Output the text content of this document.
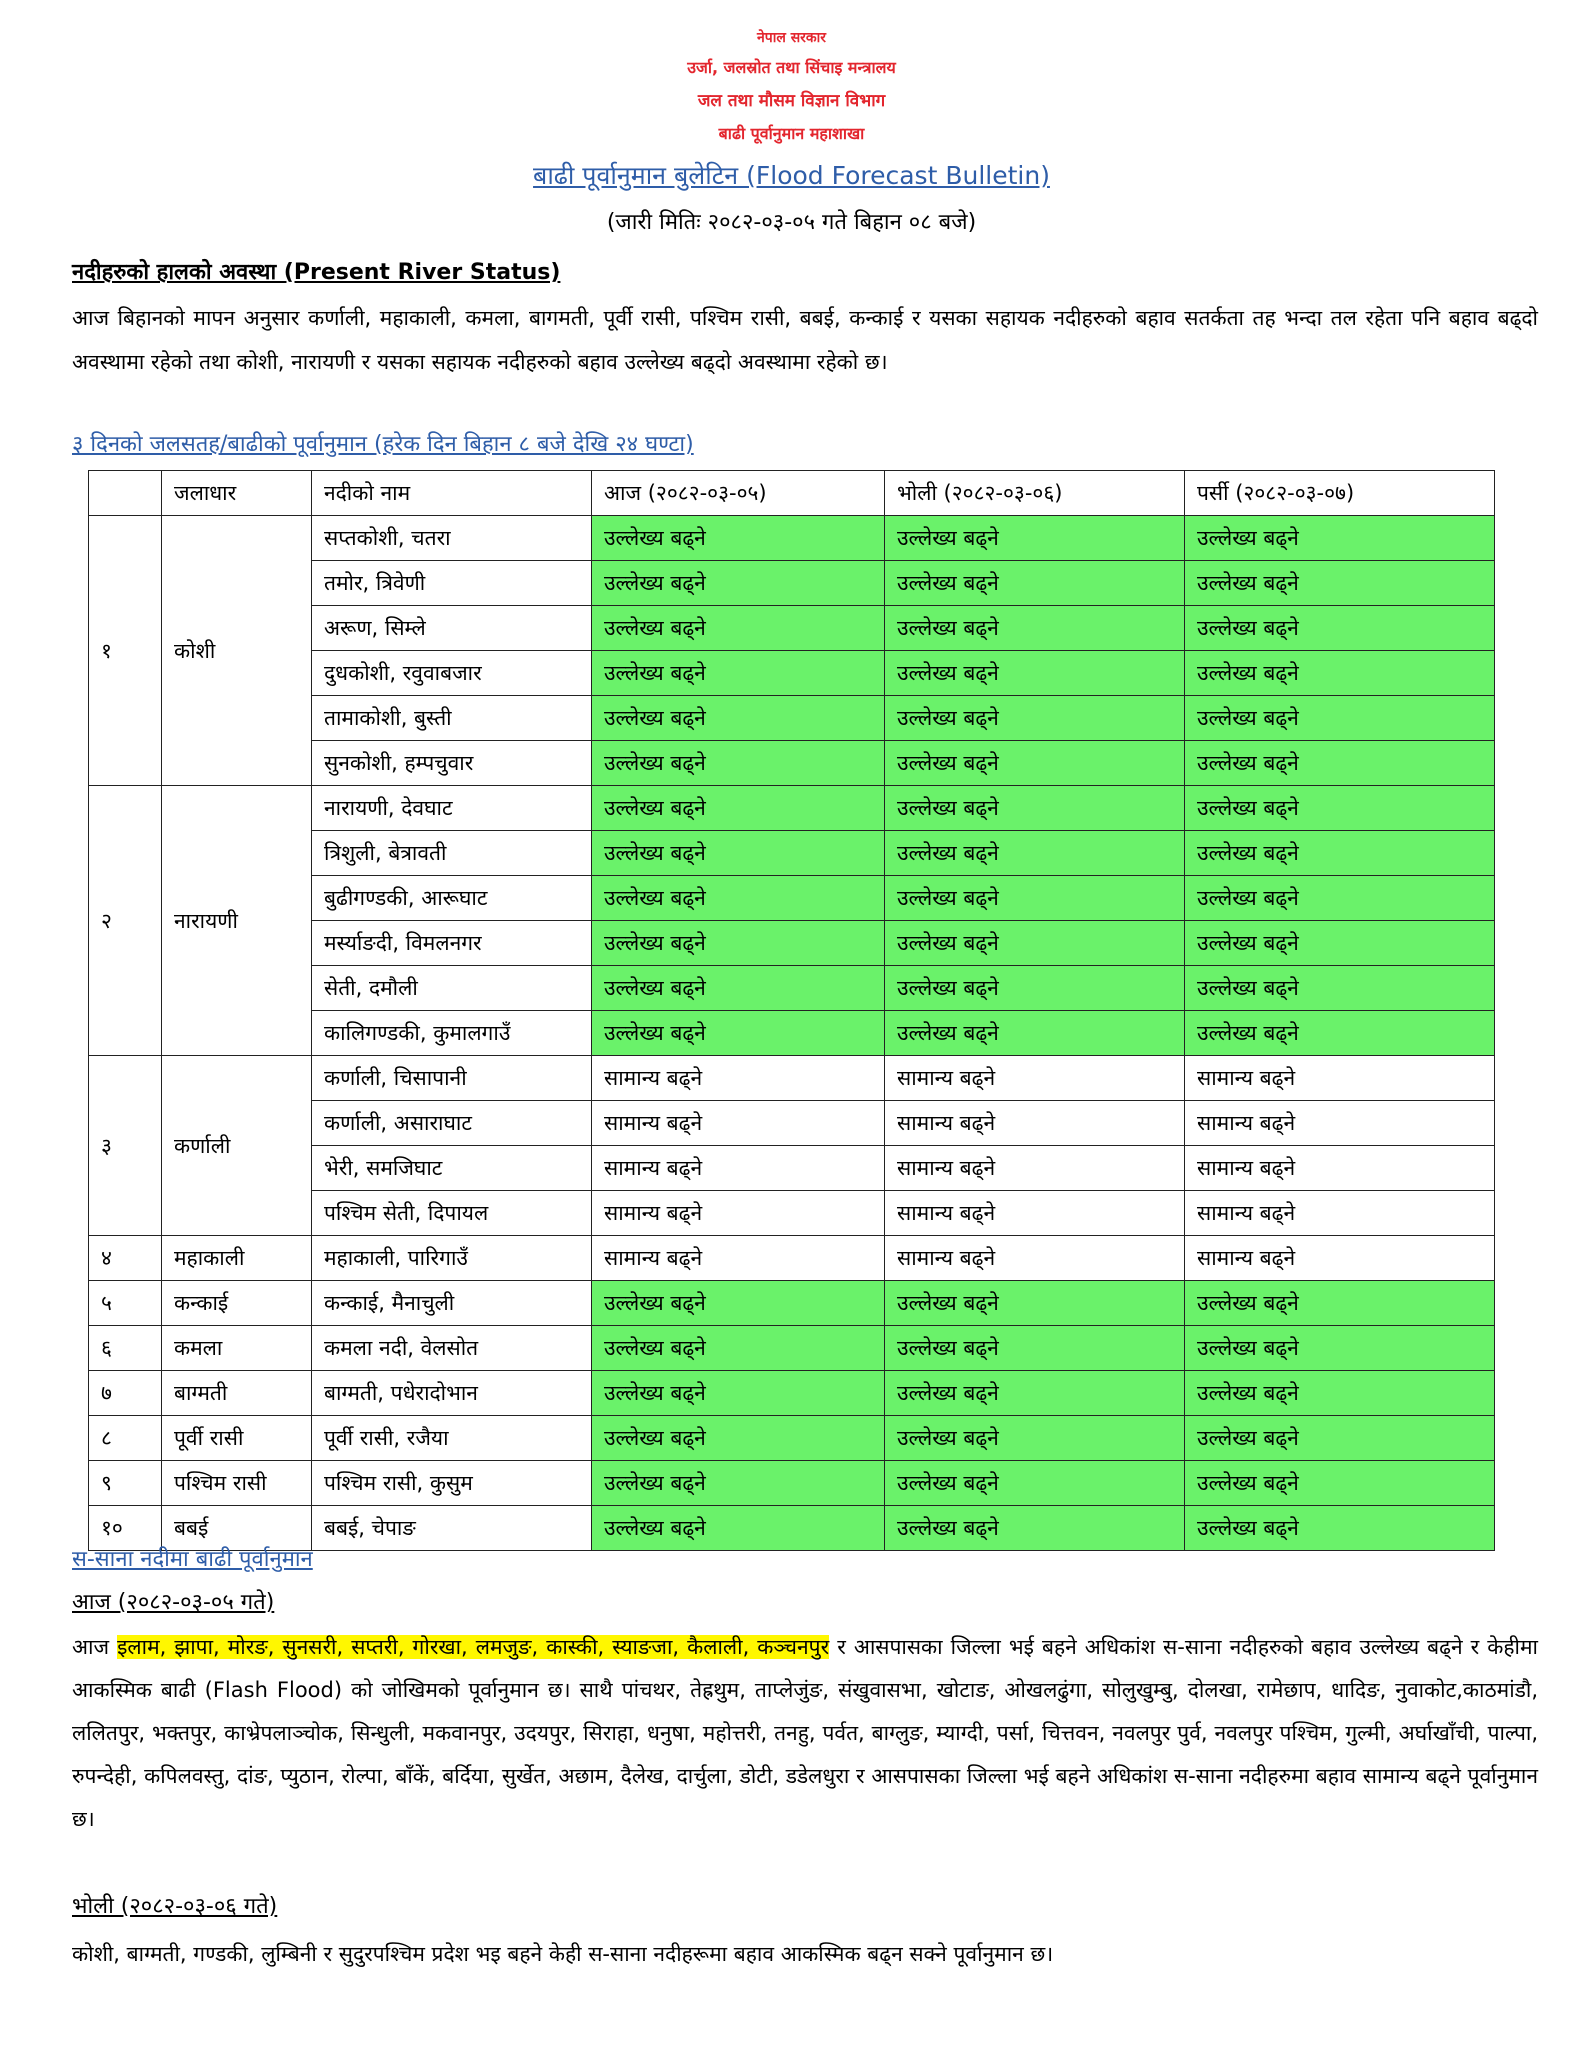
नेपाल सरकार
उर्जा, जलस्रोत तथा सिंचाइ मन्त्रालय
जल तथा मौसम विज्ञान विभाग
बाढी पूर्वानुमान महाशाखा
बाढी पूर्वानुमान बुलेटिन (Flood Forecast Bulletin)
(जारी मितिः २०८२-०३-०५ गते बिहान ०८ बजे)
नदीहरुको हालको अवस्था (Present River Status)
आज बिहानको मापन अनुसार कर्णाली, महाकाली, कमला, बागमती, पूर्वी रासी, पश्चिम रासी, बबई, कन्काई र यसका सहायक नदीहरुको बहाव सतर्कता तह भन्दा तल रहेता पनि बहाव बढ्दो अवस्थामा रहेको तथा कोशी, नारायणी र यसका सहायक नदीहरुको बहाव उल्लेख्य बढ्दो अवस्थामा रहेको छ।
३ दिनको जलसतह/बाढीको पूर्वानुमान (हरेक दिन बिहान ८ बजे देखि २४ घण्टा)
	जलाधार	नदीको नाम	आज (२०८२-०३-०५)	भोली (२०८२-०३-०६)	पर्सी (२०८२-०३-०७)
१	कोशी	सप्तकोशी, चतरा	उल्लेख्य बढ्ने	उल्लेख्य बढ्ने	उल्लेख्य बढ्ने
		तमोर, त्रिवेणी	उल्लेख्य बढ्ने	उल्लेख्य बढ्ने	उल्लेख्य बढ्ने
		अरूण, सिम्ले	उल्लेख्य बढ्ने	उल्लेख्य बढ्ने	उल्लेख्य बढ्ने
		दुधकोशी, रवुवाबजार	उल्लेख्य बढ्ने	उल्लेख्य बढ्ने	उल्लेख्य बढ्ने
		तामाकोशी, बुस्ती	उल्लेख्य बढ्ने	उल्लेख्य बढ्ने	उल्लेख्य बढ्ने
		सुनकोशी, हम्पचुवार	उल्लेख्य बढ्ने	उल्लेख्य बढ्ने	उल्लेख्य बढ्ने
२	नारायणी	नारायणी, देवघाट	उल्लेख्य बढ्ने	उल्लेख्य बढ्ने	उल्लेख्य बढ्ने
		त्रिशुली, बेत्रावती	उल्लेख्य बढ्ने	उल्लेख्य बढ्ने	उल्लेख्य बढ्ने
		बुढीगण्डकी, आरूघाट	उल्लेख्य बढ्ने	उल्लेख्य बढ्ने	उल्लेख्य बढ्ने
		मर्स्याङदी, विमलनगर	उल्लेख्य बढ्ने	उल्लेख्य बढ्ने	उल्लेख्य बढ्ने
		सेती, दमौली	उल्लेख्य बढ्ने	उल्लेख्य बढ्ने	उल्लेख्य बढ्ने
		कालिगण्डकी, कुमालगाउँ	उल्लेख्य बढ्ने	उल्लेख्य बढ्ने	उल्लेख्य बढ्ने
३	कर्णाली	कर्णाली, चिसापानी	सामान्य बढ्ने	सामान्य बढ्ने	सामान्य बढ्ने
		कर्णाली, असाराघाट	सामान्य बढ्ने	सामान्य बढ्ने	सामान्य बढ्ने
		भेरी, समजिघाट	सामान्य बढ्ने	सामान्य बढ्ने	सामान्य बढ्ने
		पश्चिम सेती, दिपायल	सामान्य बढ्ने	सामान्य बढ्ने	सामान्य बढ्ने
४	महाकाली	महाकाली, पारिगाउँ	सामान्य बढ्ने	सामान्य बढ्ने	सामान्य बढ्ने
५	कन्काई	कन्काई, मैनाचुली	उल्लेख्य बढ्ने	उल्लेख्य बढ्ने	उल्लेख्य बढ्ने
६	कमला	कमला नदी, वेलसोत	उल्लेख्य बढ्ने	उल्लेख्य बढ्ने	उल्लेख्य बढ्ने
७	बाग्मती	बाग्मती, पधेरादोभान	उल्लेख्य बढ्ने	उल्लेख्य बढ्ने	उल्लेख्य बढ्ने
८	पूर्वी रासी	पूर्वी रासी, रजैया	उल्लेख्य बढ्ने	उल्लेख्य बढ्ने	उल्लेख्य बढ्ने
९	पश्चिम रासी	पश्चिम रासी, कुसुम	उल्लेख्य बढ्ने	उल्लेख्य बढ्ने	उल्लेख्य बढ्ने
१०	बबई	बबई, चेपाङ	उल्लेख्य बढ्ने	उल्लेख्य बढ्ने	उल्लेख्य बढ्ने
स-साना नदीमा बाढी पूर्वानुमान
आज (२०८२-०३-०५ गते)
आज इलाम, झापा, मोरङ, सुनसरी, सप्तरी, गोरखा, लमजुङ, कास्की, स्याङजा, कैलाली, कञ्चनपुर र आसपासका जिल्ला भई बहने अधिकांश स-साना नदीहरुको बहाव उल्लेख्य बढ्ने र केहीमा आकस्मिक बाढी (Flash Flood) को जोखिमको पूर्वानुमान छ। साथै पांचथर, तेह्रथुम, ताप्लेजुंङ, संखुवासभा, खोटाङ, ओखलढुंगा, सोलुखुम्बु, दोलखा, रामेछाप, धादिङ, नुवाकोट,काठमांडौ, ललितपुर, भक्तपुर, काभ्रेपलाञ्चोक, सिन्धुली, मकवानपुर, उदयपुर, सिराहा, धनुषा, महोत्तरी, तनहु, पर्वत, बाग्लुङ, म्याग्दी, पर्सा, चित्तवन, नवलपुर पुर्व, नवलपुर पश्चिम, गुल्मी, अर्घाखाँची, पाल्पा, रुपन्देही, कपिलवस्तु, दांङ, प्युठान, रोल्पा, बाँकें, बर्दिया, सुर्खेत, अछाम, दैलेख, दार्चुला, डोटी, डडेलधुरा र आसपासका जिल्ला भई बहने अधिकांश स-साना नदीहरुमा बहाव सामान्य बढ्ने पूर्वानुमान छ।
भोली (२०८२-०३-०६ गते)
कोशी, बाग्मती, गण्डकी, लुम्बिनी र सुदुरपश्चिम प्रदेश भइ बहने केही स-साना नदीहरूमा बहाव आकस्मिक बढ्न सक्ने पूर्वानुमान छ।
